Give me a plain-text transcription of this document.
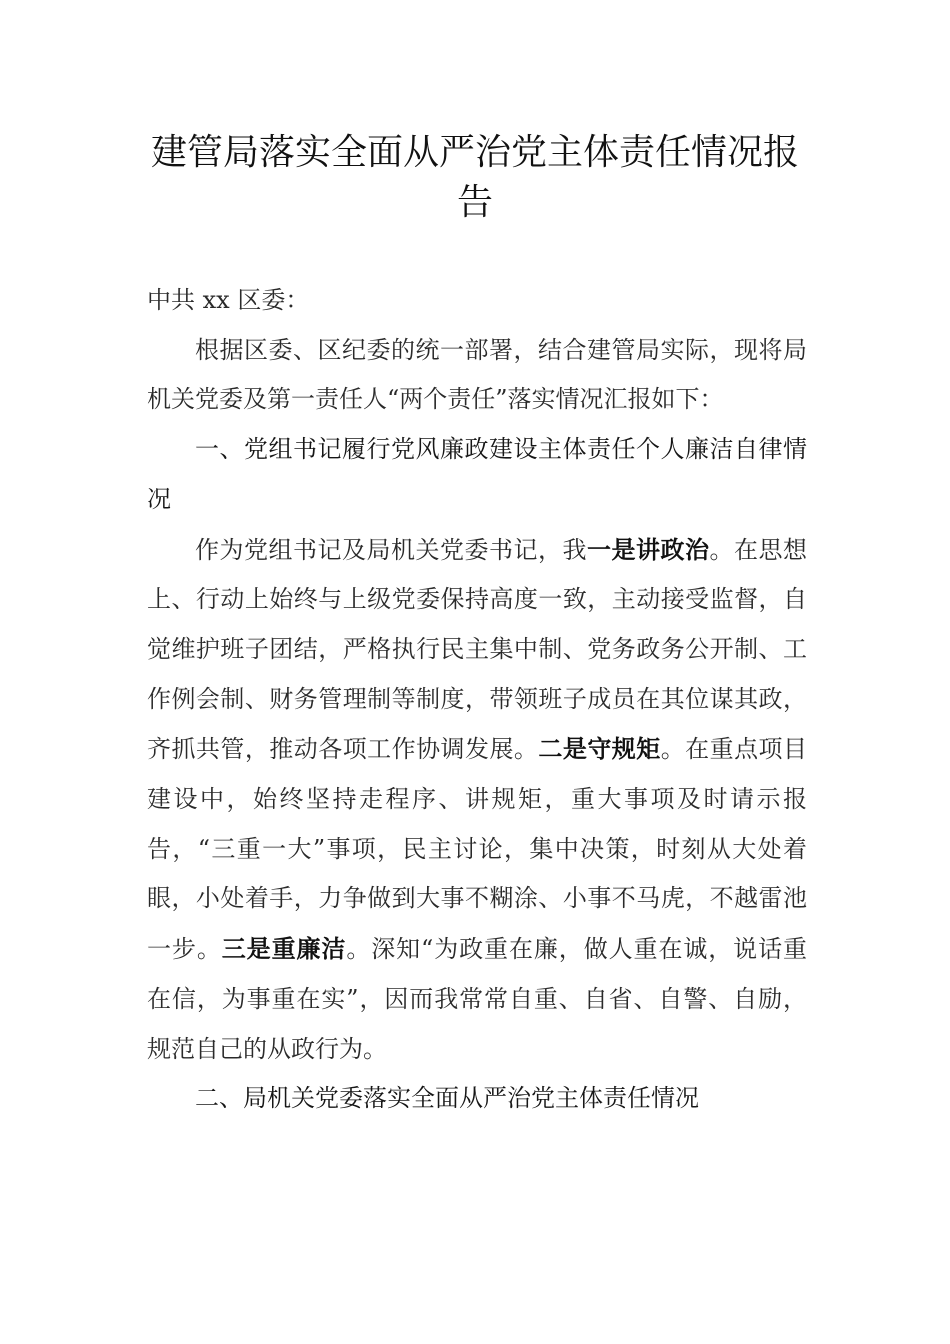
建管局落实全面从严治党主体责任情况报告

中共 xx 区委：

根据区委、区纪委的统一部署，结合建管局实际，现将局机关党委及第一责任人“两个责任”落实情况汇报如下：

一、党组书记履行党风廉政建设主体责任个人廉洁自律情况

作为党组书记及局机关党委书记，我一是讲政治。在思想上、行动上始终与上级党委保持高度一致，主动接受监督，自觉维护班子团结，严格执行民主集中制、党务政务公开制、工作例会制、财务管理制等制度，带领班子成员在其位谋其政，齐抓共管，推动各项工作协调发展。二是守规矩。在重点项目建设中，始终坚持走程序、讲规矩，重大事项及时请示报告，“三重一大”事项，民主讨论，集中决策，时刻从大处着眼，小处着手，力争做到大事不糊涂、小事不马虎，不越雷池一步。三是重廉洁。深知“为政重在廉，做人重在诚，说话重在信，为事重在实”，因而我常常自重、自省、自警、自励，规范自己的从政行为。

二、局机关党委落实全面从严治党主体责任情况
